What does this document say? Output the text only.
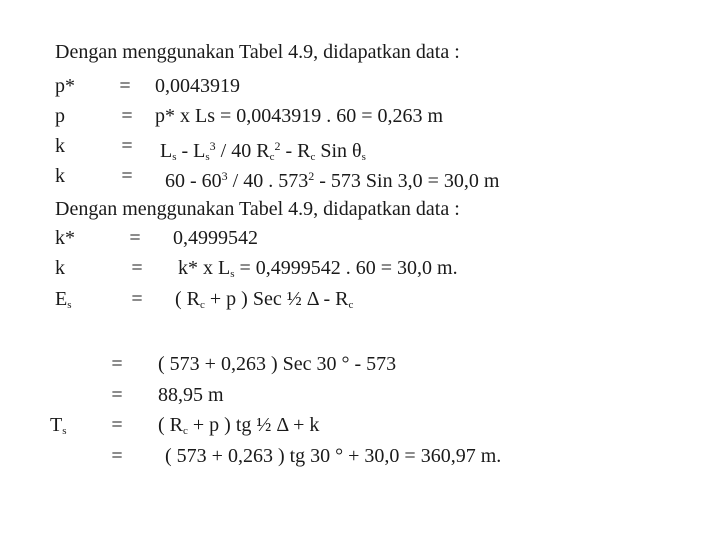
Dengan menggunakan Tabel 4.9, didapatkan data :
p* = 0,0043919
p	= p* x Ls = 0,0043919 . 60 = 0,263 m
k	= $L_s - L_s^3 / 40$ $R_c^2 - R_c$ Sin $\theta_s$
k	= $60 - 60^3 / 40$ . $573^2 - 573$ Sin 3,0 = 30,0 m
Dengan menggunakan Tabel 4.9, didapatkan data :
k*	= 0,4999542
k	= k* x $L_s = 0,4999542$ . 60 = 30,0 m.
$E_s$	= ( $R_c + p$ ) Sec ½ Δ - $R_c$
= ( 573 + 0,263 ) Sec 30 ° - 573
= 88,95 m
$T_s$ = ( $R_c + p$ ) tg ½ Δ + k
= ( 573 + 0,263 ) tg 30 ° + 30,0 = 360,97 m.
